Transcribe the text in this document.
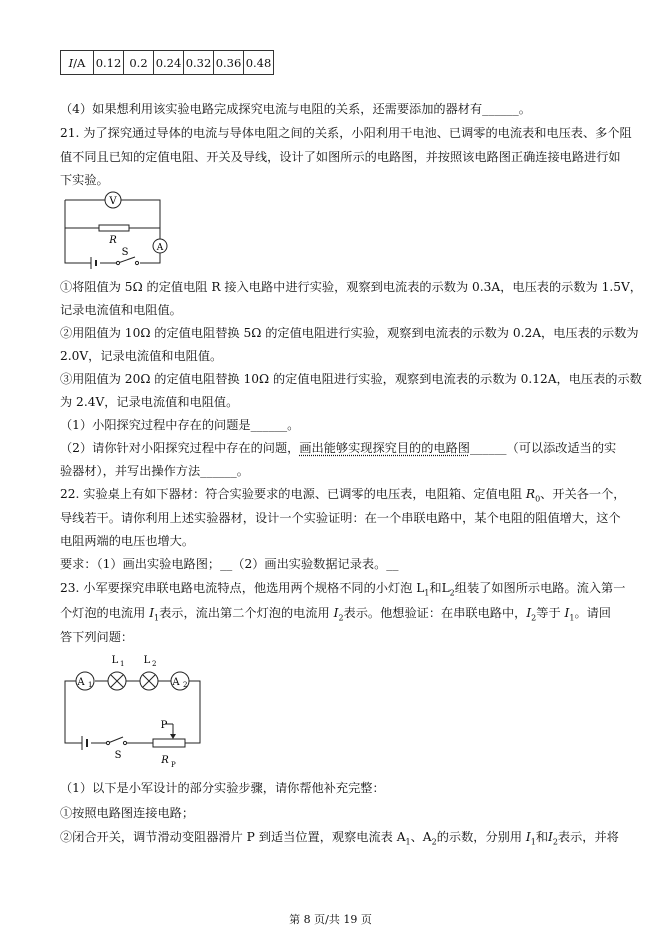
I/A	0.12	0.2	0.24	0.32	0.36	0.48
（4）如果想利用该实验电路完成探究电流与电阻的关系，还需要添加的器材有______。
21. 为了探究通过导体的电流与导体电阻之间的关系，小阳利用干电池、已调零的电流表和电压表、多个阻
值不同且已知的定值电阻、开关及导线，设计了如图所示的电路图，并按照该电路图正确连接电路进行如
下实验。
V
A
R
S
①将阻值为 5Ω 的定值电阻 R 接入电路中进行实验，观察到电流表的示数为 0.3A，电压表的示数为 1.5V，
记录电流值和电阻值。
②用阻值为 10Ω 的定值电阻替换 5Ω 的定值电阻进行实验，观察到电流表的示数为 0.2A，电压表的示数为
2.0V，记录电流值和电阻值。
③用阻值为 20Ω 的定值电阻替换 10Ω 的定值电阻进行实验，观察到电流表的示数为 0.12A，电压表的示数
为 2.4V，记录电流值和电阻值。
（1）小阳探究过程中存在的问题是______。
（2）请你针对小阳探究过程中存在的问题，画出能够实现探究目的的电路图______（可以添改适当的实
验器材），并写出操作方法______。
22. 实验桌上有如下器材：符合实验要求的电源、已调零的电压表，电阻箱、定值电阻 $R_0$、开关各一个，
导线若干。请你利用上述实验器材，设计一个实验证明：在一个串联电路中，某个电阻的阻值增大，这个
电阻两端的电压也增大。
要求：（1）画出实验电路图；__（2）画出实验数据记录表。__
23. 小军要探究串联电路电流特点，他选用两个规格不同的小灯泡 $L_1$和$L_2$组装了如图所示电路。流入第一
个灯泡的电流用 $I_1$表示，流出第二个灯泡的电流用 $I_2$表示。他想验证：在串联电路中，$I_2$等于 $I_1$。请回
答下列问题：
A 1	A 2
L 1 L 2
P
S	R P
（1）以下是小军设计的部分实验步骤，请你帮他补充完整：
①按照电路图连接电路；
②闭合开关，调节滑动变阻器滑片 P 到适当位置，观察电流表 $A_1$、$A_2$的示数，分别用 $I_1$和$I_2$表示，并将
第 8 页/共 19 页
